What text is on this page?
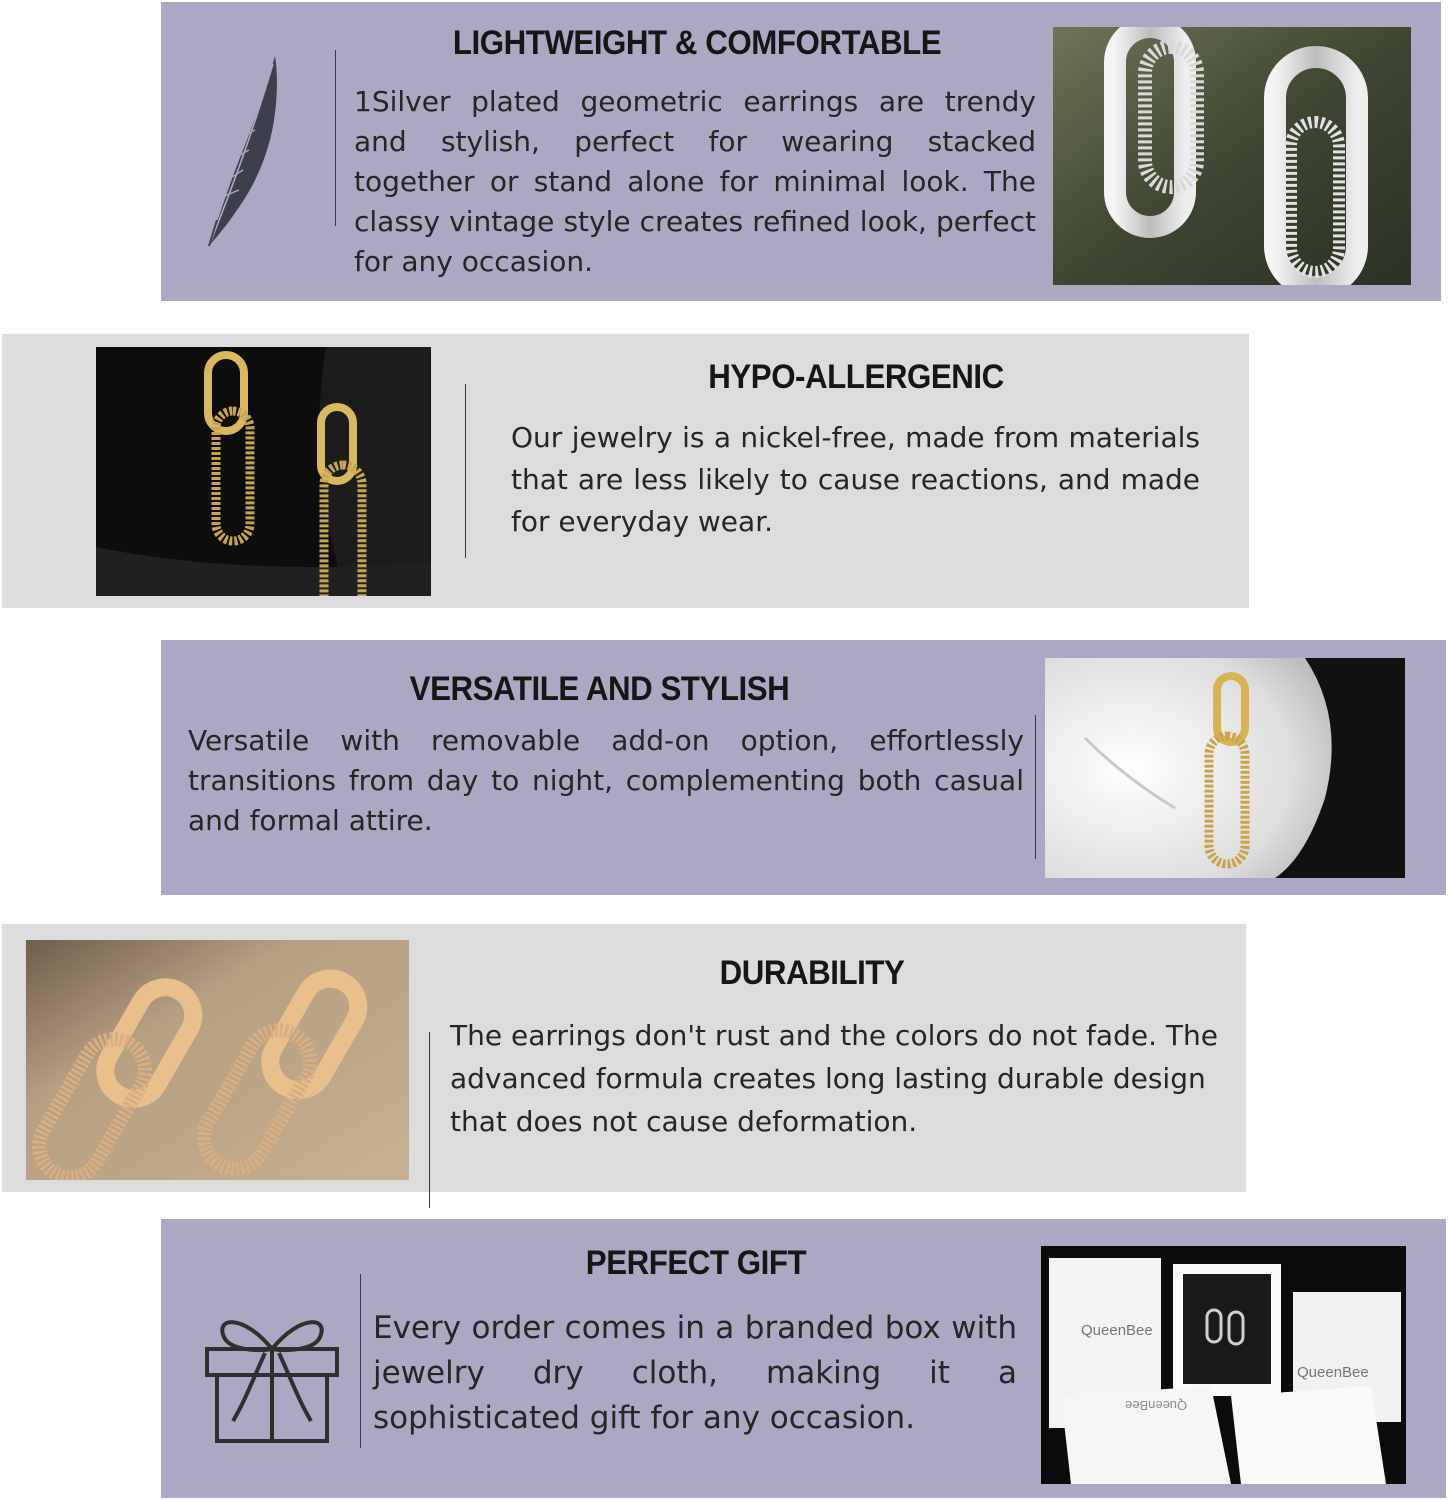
LIGHTWEIGHT & COMFORTABLE
1Silver plated geometric earrings are trendy and stylish, perfect for wearing stacked together or stand alone for minimal look. The classy vintage style creates refined look, perfect for any occasion.
HYPO-ALLERGENIC
Our jewelry is a nickel-free, made from materials that are less likely to cause reactions, and made for everyday wear.
VERSATILE AND STYLISH
Versatile with removable add-on option, effortlessly transitions from day to night, complementing both casual and formal attire.
DURABILITY
The earrings don't rust and the colors do not fade. The advanced formula creates long lasting durable design that does not cause deformation.
PERFECT GIFT
Every order comes in a branded box with jewelry dry cloth, making it a sophisticated gift for any occasion.
QueenBee
QueenBee
QueenBee
